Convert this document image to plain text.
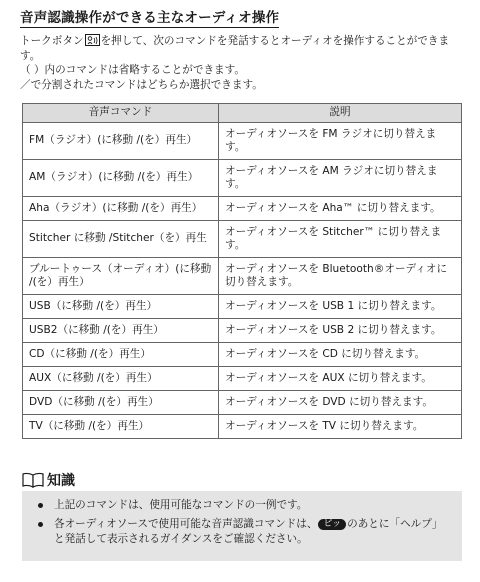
音声認識操作ができる主なオーディオ操作

トークボタン を押して、次のコマンドを発話するとオーディオを操作することができます。

（ ）内のコマンドは省略することができます。

／で分割されたコマンドはどちらか選択できます。

音声コマンド	説明
FM（ラジオ）(に移動 /(を）再生）	オーディオソースを FM ラジオに切り替えます。
AM（ラジオ）(に移動 /(を）再生）	オーディオソースを AM ラジオに切り替えます。
Aha（ラジオ）(に移動 /(を）再生）	オーディオソースを Aha™ に切り替えます。
Stitcher に移動 /Stitcher（を）再生	オーディオソースを Stitcher™ に切り替えます。
ブルートゥース（オーディオ）(に移動 /(を）再生）	オーディオソースを Bluetooth®オーディオに切り替えます。
USB（に移動 /(を）再生）	オーディオソースを USB 1 に切り替えます。
USB2（に移動 /(を）再生）	オーディオソースを USB 2 に切り替えます。
CD（に移動 /(を）再生）	オーディオソースを CD に切り替えます。
AUX（に移動 /(を）再生）	オーディオソースを AUX に切り替えます。
DVD（に移動 /(を）再生）	オーディオソースを DVD に切り替えます。
TV（に移動 /(を）再生）	オーディオソースを TV に切り替えます。
知識
上記のコマンドは、使用可能なコマンドの一例です。
各オーディオソースで使用可能な音声認識コマンドは、 ピッ のあとに「ヘルプ」と発話して表示されるガイダンスをご確認ください。
